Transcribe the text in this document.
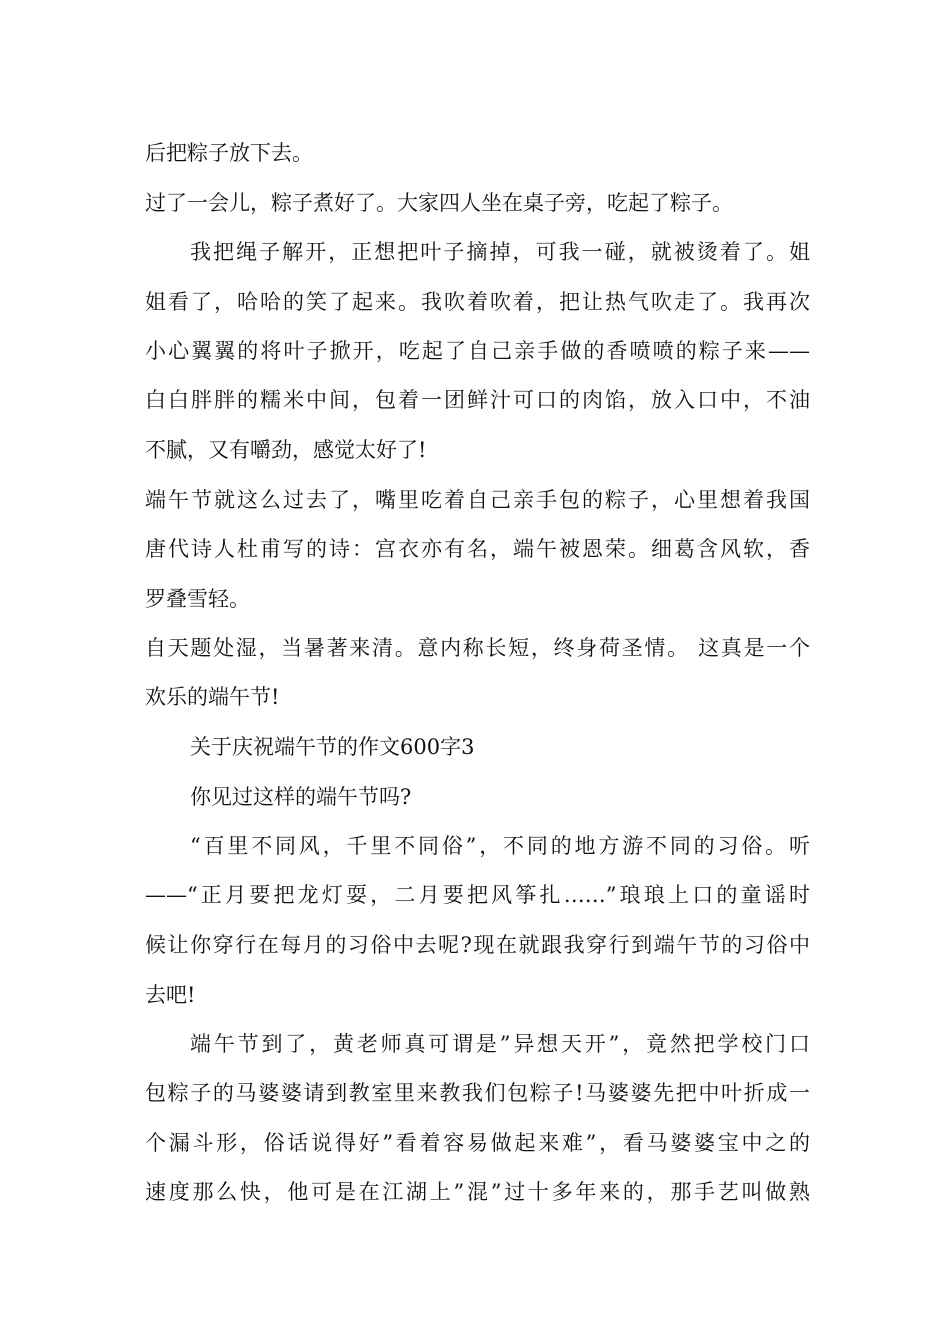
后把粽子放下去。
过了一会儿，粽子煮好了。大家四人坐在桌子旁，吃起了粽子。
我把绳子解开，正想把叶子摘掉，可我一碰，就被烫着了。姐
姐看了，哈哈的笑了起来。我吹着吹着，把让热气吹走了。我再次
小心翼翼的将叶子掀开，吃起了自己亲手做的香喷喷的粽子来——
白白胖胖的糯米中间，包着一团鲜汁可口的肉馅，放入口中，不油
不腻，又有嚼劲，感觉太好了!
端午节就这么过去了，嘴里吃着自己亲手包的粽子，心里想着我国
唐代诗人杜甫写的诗：宫衣亦有名，端午被恩荣。细葛含风软，香
罗叠雪轻。
自天题处湿，当暑著来清。意内称长短，终身荷圣情。 这真是一个
欢乐的端午节!
关于庆祝端午节的作文600字3
你见过这样的端午节吗?
“百里不同风，千里不同俗”，不同的地方游不同的习俗。听
——“正月要把龙灯耍，二月要把风筝扎……”琅琅上口的童谣时
候让你穿行在每月的习俗中去呢?现在就跟我穿行到端午节的习俗中
去吧!
端午节到了，黄老师真可谓是”异想天开”，竟然把学校门口
包粽子的马婆婆请到教室里来教我们包粽子!马婆婆先把中叶折成一
个漏斗形，俗话说得好”看着容易做起来难”，看马婆婆宝中之的
速度那么快，他可是在江湖上”混”过十多年来的，那手艺叫做熟
